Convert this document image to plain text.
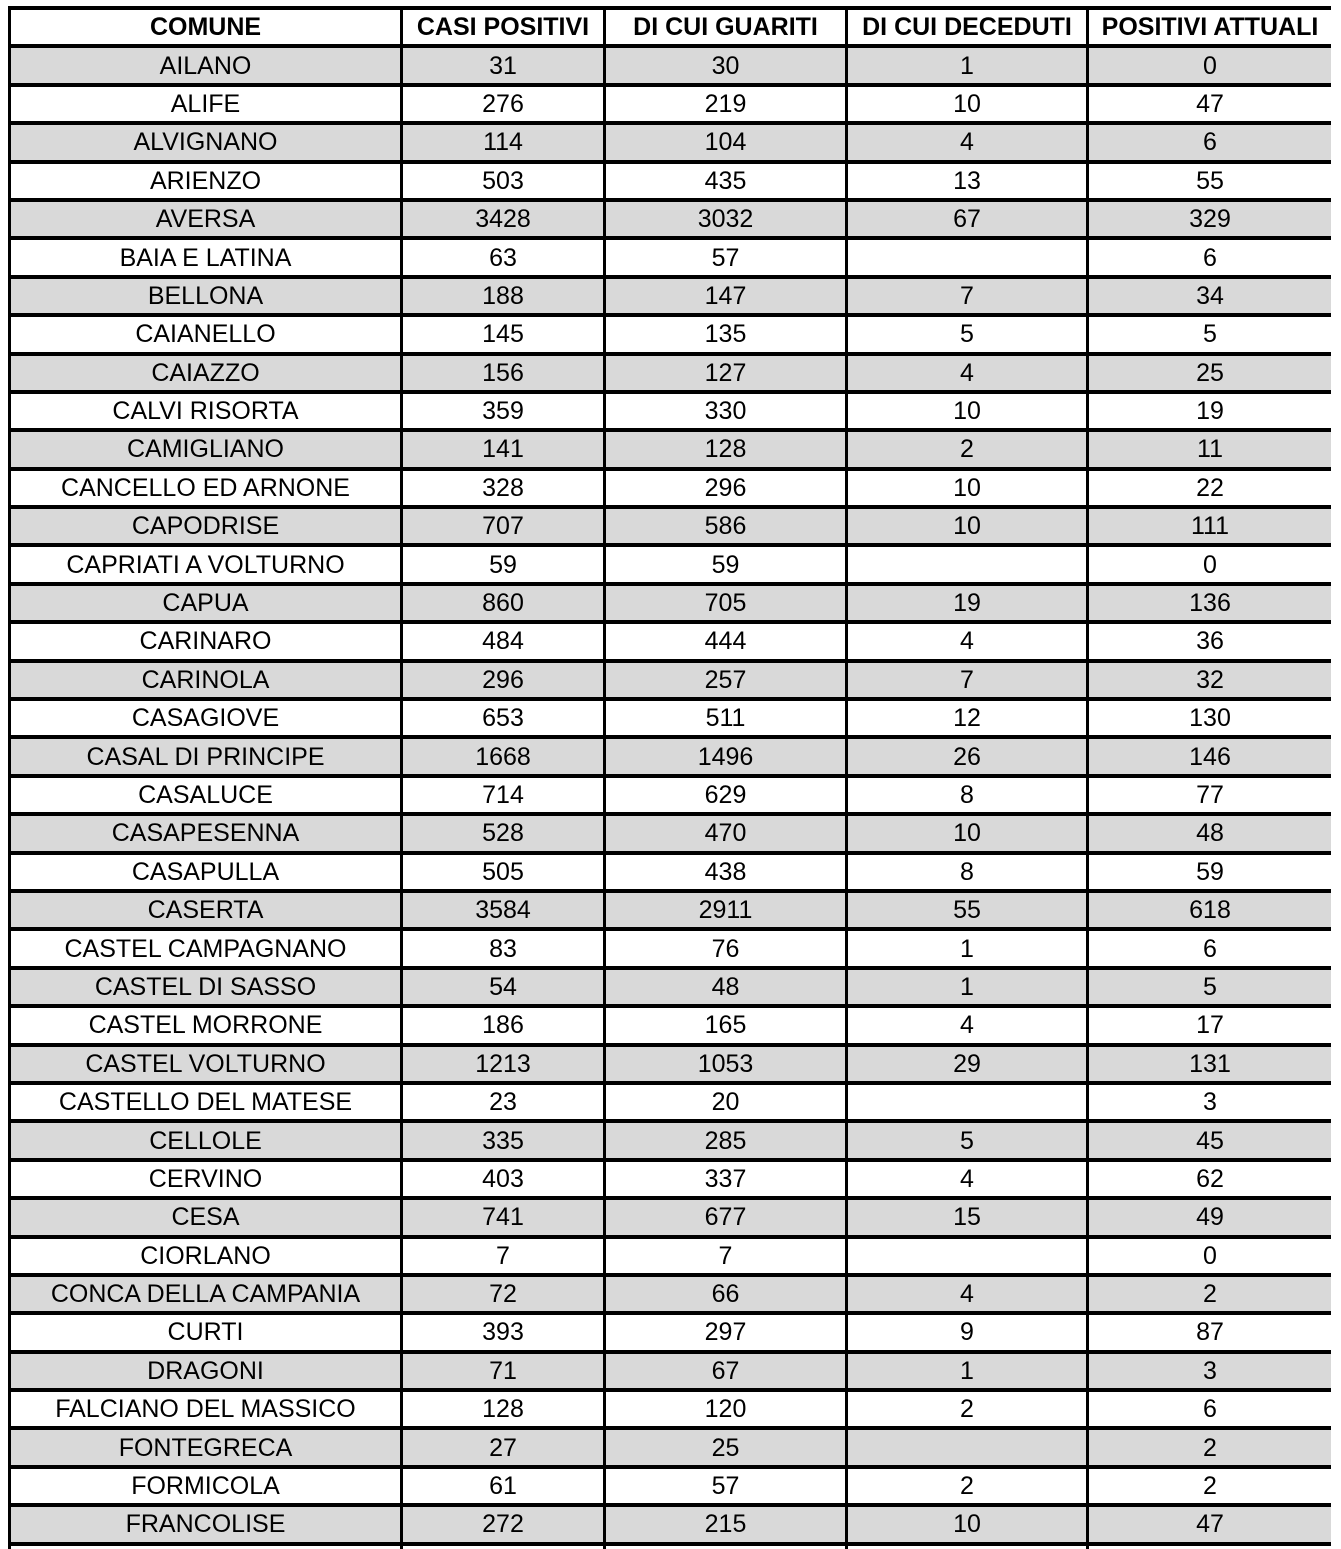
COMUNE	CASI POSITIVI	DI CUI GUARITI	DI CUI DECEDUTI	POSITIVI ATTUALI
AILANO	31	30	1	0
ALIFE	276	219	10	47
ALVIGNANO	114	104	4	6
ARIENZO	503	435	13	55
AVERSA	3428	3032	67	329
BAIA E LATINA	63	57		6
BELLONA	188	147	7	34
CAIANELLO	145	135	5	5
CAIAZZO	156	127	4	25
CALVI RISORTA	359	330	10	19
CAMIGLIANO	141	128	2	11
CANCELLO ED ARNONE	328	296	10	22
CAPODRISE	707	586	10	111
CAPRIATI A VOLTURNO	59	59		0
CAPUA	860	705	19	136
CARINARO	484	444	4	36
CARINOLA	296	257	7	32
CASAGIOVE	653	511	12	130
CASAL DI PRINCIPE	1668	1496	26	146
CASALUCE	714	629	8	77
CASAPESENNA	528	470	10	48
CASAPULLA	505	438	8	59
CASERTA	3584	2911	55	618
CASTEL CAMPAGNANO	83	76	1	6
CASTEL DI SASSO	54	48	1	5
CASTEL MORRONE	186	165	4	17
CASTEL VOLTURNO	1213	1053	29	131
CASTELLO DEL MATESE	23	20		3
CELLOLE	335	285	5	45
CERVINO	403	337	4	62
CESA	741	677	15	49
CIORLANO	7	7		0
CONCA DELLA CAMPANIA	72	66	4	2
CURTI	393	297	9	87
DRAGONI	71	67	1	3
FALCIANO DEL MASSICO	128	120	2	6
FONTEGRECA	27	25		2
FORMICOLA	61	57	2	2
FRANCOLISE	272	215	10	47
